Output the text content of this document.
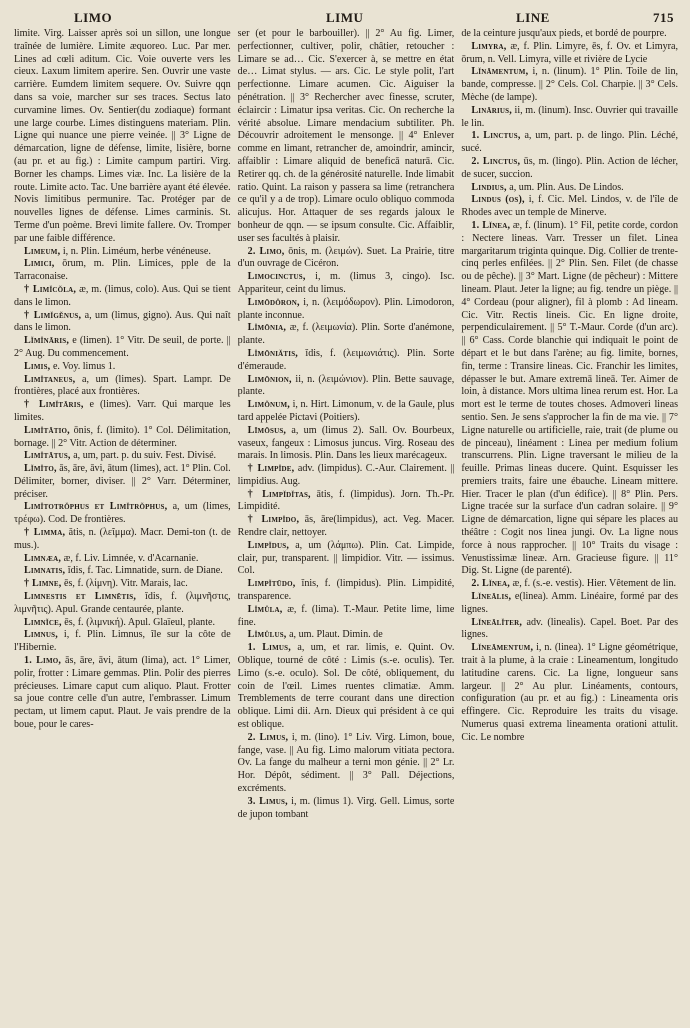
LIMO	LIMU	LINE	715

limite. Virg. Laisser après soi un sillon, une longue traînée de lumière. Limite æquoreo. Luc. Par mer. Lines ad cœli aditum. Cic. Voie ouverte vers les cieux. Laxum limitem aperire. Sen. Ouvrir une vaste carrière. Eumdem limitem sequere. Ov. Suivre qqn dans sa voie, marcher sur ses traces. Sectus lato curvamine limes. Ov. Sentier(du zodiaque) formant une large courbe. Limes distinguens materiam. Plin. Ligne qui nuance une pierre veinée. || 3° Ligne de démarcation, ligne de défense, limite, lisière, borne (au pr. et au fig.) : Limite campum partiri. Virg. Borner les champs. Limes viæ. Inc. La lisière de la route. Limite acto. Tac. Une barrière ayant été élevée. Novis limitibus permunire. Tac. Protéger par de nouvelles lignes de défense. Limes carminis. St. Terme d'un poème. Brevi limite fallere. Ov. Tromper par une faible différence.

Limeum, i, n. Plin. Liméum, herbe vénéneuse.

Limici, ōrum, m. Plin. Limices, pple de la Tarraconaise.

† Limĭcŏla, æ, m. (limus, colo). Aus. Qui se tient dans le limon.

† Limĭgĕnus, a, um (limus, gigno). Aus. Qui naît dans le limon.

Lĭmĭnāris, e (limen). 1° Vitr. De seuil, de porte. || 2° Aug. Du commencement.

Limis, e. Voy. limus 1.

Limĭtaneus, a, um (limes). Spart. Lampr. De frontières, placé aux frontières.

† Limĭtāris, e (limes). Varr. Qui marque les limites.

Limĭtātio, ōnis, f. (limito). 1° Col. Délimitation, bornage. || 2° Vitr. Action de déterminer.

Limĭtātus, a, um, part. p. du suiv. Fest. Divisé.

Lĭmĭto, ās, āre, āvi, ātum (limes), act. 1° Plin. Col. Délimiter, borner, diviser. || 2° Varr. Déterminer, préciser.

Limĭtotrŏphus et Limĭtrŏphus, a, um (limes, τρέφω). Cod. De frontières.

† Limma, ătis, n. (λεῖμμα). Macr. Demi-ton (t. de mus.).

Limnæa, æ, f. Liv. Limnée, v. d'Acarnanie.

Limnatis, ĭdis, f. Tac. Limnatide, surn. de Diane.

† Limne, ēs, f. (λίμνη). Vitr. Marais, lac.

Limnestis et Limnētis, ĭdis, f. (λιμνῆστις, λιμνῆτις). Apul. Grande centaurée, plante.

Limnĭce, ēs, f. (λιμνική). Apul. Glaïeul, plante.

Limnus, i, f. Plin. Limnus, île sur la côte de l'Hibernie.

1. Limo, ās, āre, āvi, ātum (lima), act. 1° Limer, polir, frotter : Limare gemmas. Plin. Polir des pierres précieuses. Limare caput cum aliquo. Plaut. Frotter sa joue contre celle d'un autre, l'embrasser. Limum pectam, ut limem caput. Plaut. Je vais prendre de la boue, pour le cares-

ser (et pour le barbouiller). || 2° Au fig. Limer, perfectionner, cultiver, polir, châtier, retoucher : Limare se ad… Cic. S'exercer à, se mettre en état de… Limat stylus. — ars. Cic. Le style polit, l'art perfectionne. Limare acumen. Cic. Aiguiser la pénétration. || 3° Rechercher avec finesse, scruter, éclaircir : Limatur ipsa veritas. Cic. On recherche la vérité absolue. Limare mendacium subtiliter. Ph. Découvrir adroitement le mensonge. || 4° Enlever comme en limant, retrancher de, amoindrir, amincir, affaiblir : Limare aliquid de beneficā naturā. Cic. Retirer qq. ch. de la générosité naturelle. Inde limabit ratio. Quint. La raison y passera sa lime (retranchera ce qu'il y a de trop). Limare oculo obliquo commoda alicujus. Hor. Attaquer de ses regards jaloux le bonheur de qqn. — se ipsum consulte. Cic. Affaiblir, user ses facultés à plaisir.

2. Limo, ōnis, m. (λειμών). Suet. La Prairie, titre d'un ouvrage de Cicéron.

Limocinctus, i, m. (limus 3, cingo). Isc. Appariteur, ceint du limus.

Limōdŏron, i, n. (λειμόδωρον). Plin. Limodoron, plante inconnue.

Lĭmōnia, æ, f. (λειμωνία). Plin. Sorte d'anémone, plante.

Lĭmōniătis, ĭdis, f. (λειμωνιάτις). Plin. Sorte d'émeraude.

Limōnion, ii, n. (λειμώνιον). Plin. Bette sauvage, plante.

Limŏnum, i, n. Hirt. Limonum, v. de la Gaule, plus tard appelée Pictavi (Poitiers).

Līmōsus, a, um (limus 2). Sall. Ov. Bourbeux, vaseux, fangeux : Limosus juncus. Virg. Roseau des marais. In limosis. Plin. Dans les lieux marécageux.

† Limpĭde, adv. (limpidus). C.-Aur. Clairement. || limpidius. Aug.

† Limpĭdĭtas, ātis, f. (limpidus). Jorn. Th.-Pr. Limpidité.

† Limpĭdo, ās, āre(limpidus), act. Veg. Macer. Rendre clair, nettoyer.

Limpĭdus, a, um (λάμπω). Plin. Cat. Limpide, clair, pur, transparent. || limpidior. Vitr. — issimus. Col.

Limpĭtūdo, ĭnis, f. (limpidus). Plin. Limpidité, transparence.

Lĭmŭla, æ, f. (lima). T.-Maur. Petite lime, lime fine.

Lĭmŭlus, a, um. Plaut. Dimin. de

1. Limus, a, um, et rar. limis, e. Quint. Ov. Oblique, tourné de côté : Limis (s.-e. oculis). Ter. Limo (s.-e. oculo). Sol. De côté, obliquement, du coin de l'œil. Limes ruentes climatiæ. Amm. Tremblements de terre courant dans une direction oblique. Limi dii. Arn. Dieux qui président à ce qui est oblique.

2. Limus, i, m. (lino). 1° Liv. Virg. Limon, boue, fange, vase. || Au fig. Limo malorum vitiata pectora. Ov. La fange du malheur a terni mon génie. || 2° Lr. Hor. Dépôt, sédiment. || 3° Pall. Déjections, excréments.

3. Limus, i, m. (limus 1). Virg. Gell. Limus, sorte de jupon tombant

de la ceinture jusqu'aux pieds, et bordé de pourpre.

Limyra, æ, f. Plin. Limyre, ēs, f. Ov. et Limyra, ōrum, n. Vell. Limyra, ville et rivière de Lycie

Lĭnāmentum, i, n. (linum). 1° Plin. Toile de lin, bande, compresse. || 2° Cels. Col. Charpie. || 3° Cels. Mèche (de lampe).

Linārius, ii, m. (linum). Insc. Ouvrier qui travaille le lin.

1. Linctus, a, um, part. p. de lingo. Plin. Léché, sucé.

2. Linctus, ūs, m. (lingo). Plin. Action de lécher, de sucer, succion.

Lindius, a, um. Plin. Aus. De Lindos.

Lindus (os), i, f. Cic. Mel. Lindos, v. de l'île de Rhodes avec un temple de Minerve.

1. Lĭnea, æ, f. (linum). 1° Fil, petite corde, cordon : Nectere lineas. Varr. Tresser un filet. Linea margaritarum triginta quinque. Dig. Collier de trente-cinq perles enfilées. || 2° Plin. Sen. Filet (de chasse ou de pêche). || 3° Mart. Ligne (de pêcheur) : Mittere lineam. Plaut. Jeter la ligne; au fig. tendre un piège. || 4° Cordeau (pour aligner), fil à plomb : Ad lineam. Cic. Vitr. Rectis lineis. Cic. En ligne droite, perpendiculairement. || 5° T.-Maur. Corde (d'un arc). || 6° Cass. Corde blanchie qui indiquait le point de départ et le but dans l'arène; au fig. limite, bornes, fin, terme : Transire lineas. Cic. Franchir les limites, dépasser le but. Amare extremā lineā. Ter. Aimer de loin, à distance. Mors ultima linea rerum est. Hor. La mort est le terme de toutes choses. Admoveri lineas sentio. Sen. Je sens s'approcher la fin de ma vie. || 7° Ligne naturelle ou artificielle, raie, trait (de plume ou de pinceau), linéament : Linea per medium folium transcurrens. Plin. Ligne traversant le milieu de la feuille. Primas lineas ducere. Quint. Esquisser les premiers traits, faire une ébauche. Lineam mittere. Hier. Tracer le plan (d'un édifice). || 8° Plin. Pers. Ligne tracée sur la surface d'un cadran solaire. || 9° Ligne de démarcation, ligne qui sépare les places au théâtre : Cogit nos linea jungi. Ov. La ligne nous force à nous rapprocher. || 10° Traits du visage : Venustissimæ lineæ. Arn. Gracieuse figure. || 11° Dig. St. Ligne (de parenté).

2. Lĭnea, æ, f. (s.-e. vestis). Hier. Vêtement de lin.

Lĭneālis, e(linea). Amm. Linéaire, formé par des lignes.

Lĭneālĭter, adv. (linealis). Capel. Boet. Par des lignes.

Lĭneāmentum, i, n. (linea). 1° Ligne géométrique, trait à la plume, à la craie : Lineamentum, longitudo latitudine carens. Cic. La ligne, longueur sans largeur. || 2° Au plur. Linéaments, contours, configuration (au pr. et au fig.) : Lineamenta oris effingere. Cic. Reproduire les traits du visage. Numerus quasi extrema lineamenta orationi attulit. Cic. Le nombre
